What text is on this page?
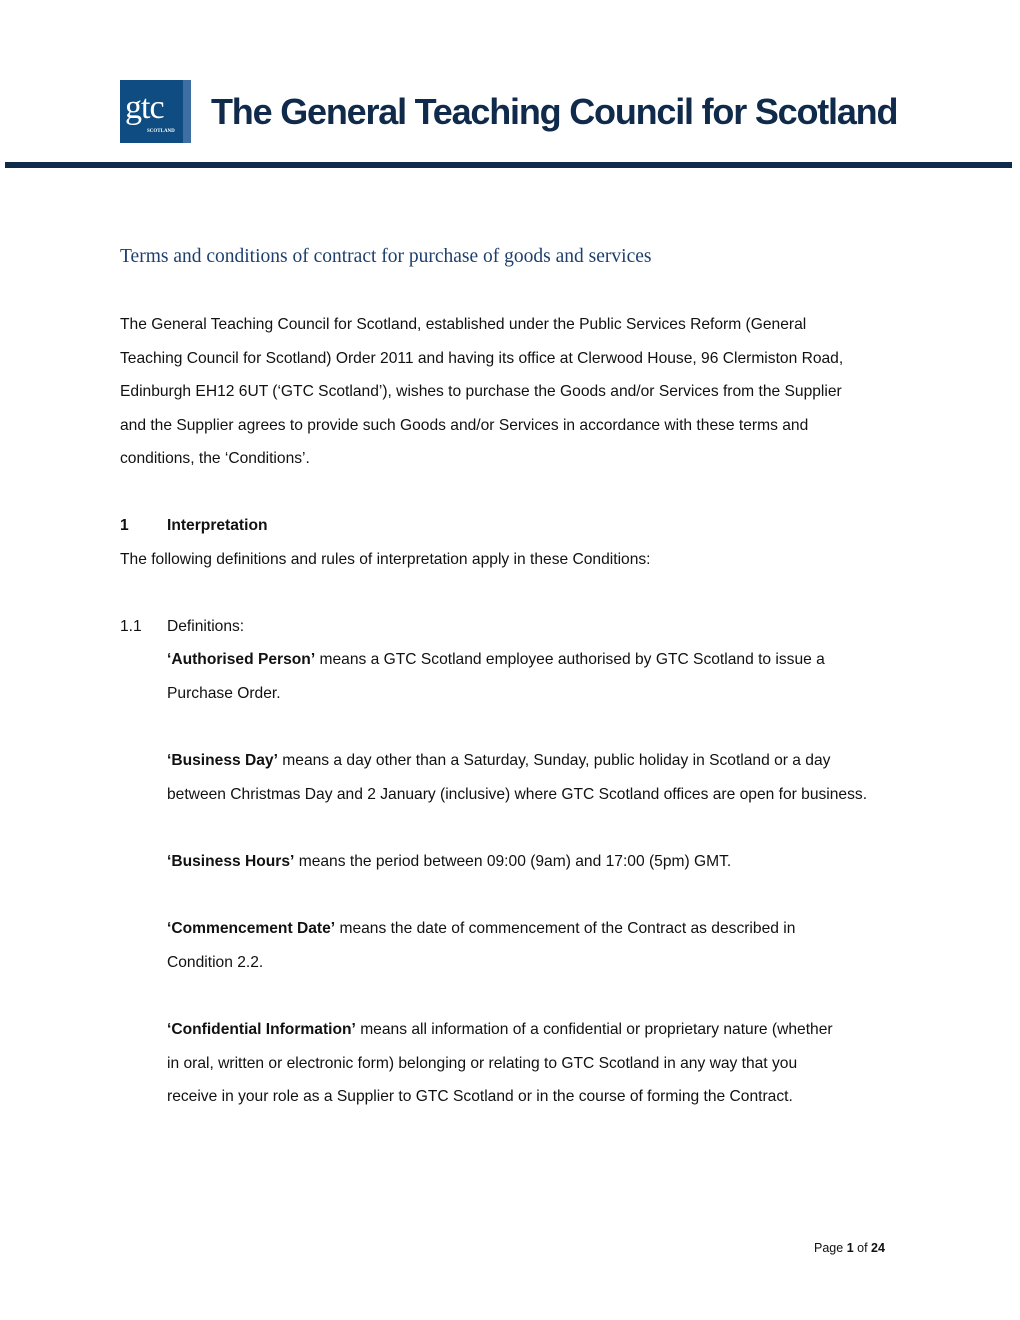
gtc
SCOTLAND The General Teaching Council for Scotland
Terms and conditions of contract for purchase of goods and services
The General Teaching Council for Scotland, established under the Public Services Reform (General
Teaching Council for Scotland) Order 2011 and having its office at Clerwood House, 96 Clermiston Road,
Edinburgh EH12 6UT (‘GTC Scotland’), wishes to purchase the Goods and/or Services from the Supplier
and the Supplier agrees to provide such Goods and/or Services in accordance with these terms and
conditions, the ‘Conditions’.
1 Interpretation
The following definitions and rules of interpretation apply in these Conditions:
1.1 Definitions:
‘Authorised Person’ means a GTC Scotland employee authorised by GTC Scotland to issue a
Purchase Order.
‘Business Day’ means a day other than a Saturday, Sunday, public holiday in Scotland or a day
between Christmas Day and 2 January (inclusive) where GTC Scotland offices are open for business.
‘Business Hours’ means the period between 09:00 (9am) and 17:00 (5pm) GMT.
‘Commencement Date’ means the date of commencement of the Contract as described in
Condition 2.2.
‘Confidential Information’ means all information of a confidential or proprietary nature (whether
in oral, written or electronic form) belonging or relating to GTC Scotland in any way that you
receive in your role as a Supplier to GTC Scotland or in the course of forming the Contract.
Page 1 of 24
